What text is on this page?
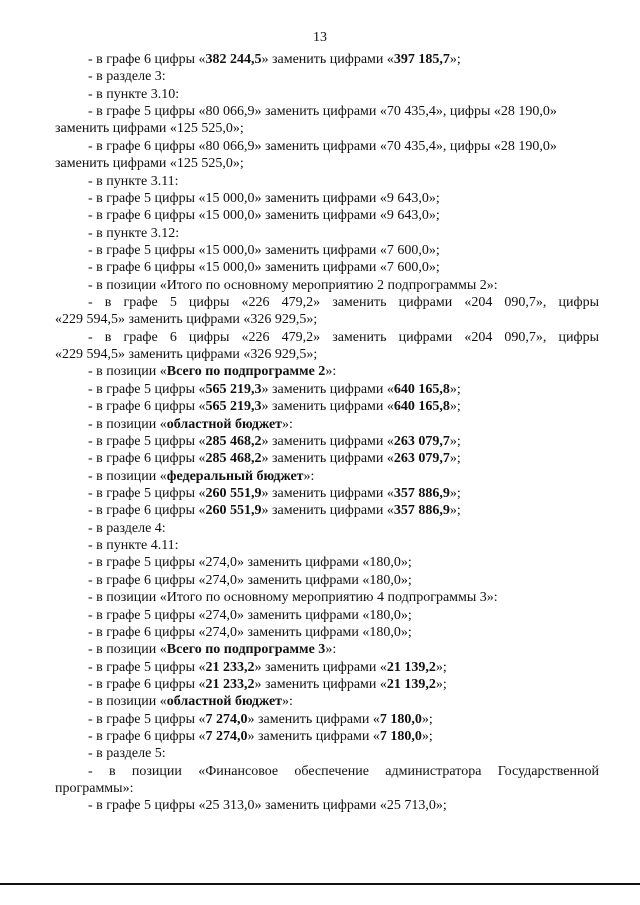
13
- в графе 6 цифры «382 244,5» заменить цифрами «397 185,7»;
- в разделе 3:
- в пункте 3.10:
- в графе 5 цифры «80 066,9» заменить цифрами «70 435,4», цифры «28 190,0»
заменить цифрами «125 525,0»;
- в графе 6 цифры «80 066,9» заменить цифрами «70 435,4», цифры «28 190,0»
заменить цифрами «125 525,0»;
- в пункте 3.11:
- в графе 5 цифры «15 000,0» заменить цифрами «9 643,0»;
- в графе 6 цифры «15 000,0» заменить цифрами «9 643,0»;
- в пункте 3.12:
- в графе 5 цифры «15 000,0» заменить цифрами «7 600,0»;
- в графе 6 цифры «15 000,0» заменить цифрами «7 600,0»;
- в позиции «Итого по основному мероприятию 2 подпрограммы 2»:
- в графе 5 цифры «226 479,2» заменить цифрами «204 090,7», цифры
«229 594,5» заменить цифрами «326 929,5»;
- в графе 6 цифры «226 479,2» заменить цифрами «204 090,7», цифры
«229 594,5» заменить цифрами «326 929,5»;
- в позиции «Всего по подпрограмме 2»:
- в графе 5 цифры «565 219,3» заменить цифрами «640 165,8»;
- в графе 6 цифры «565 219,3» заменить цифрами «640 165,8»;
- в позиции «областной бюджет»:
- в графе 5 цифры «285 468,2» заменить цифрами «263 079,7»;
- в графе 6 цифры «285 468,2» заменить цифрами «263 079,7»;
- в позиции «федеральный бюджет»:
- в графе 5 цифры «260 551,9» заменить цифрами «357 886,9»;
- в графе 6 цифры «260 551,9» заменить цифрами «357 886,9»;
- в разделе 4:
- в пункте 4.11:
- в графе 5 цифры «274,0» заменить цифрами «180,0»;
- в графе 6 цифры «274,0» заменить цифрами «180,0»;
- в позиции «Итого по основному мероприятию 4 подпрограммы 3»:
- в графе 5 цифры «274,0» заменить цифрами «180,0»;
- в графе 6 цифры «274,0» заменить цифрами «180,0»;
- в позиции «Всего по подпрограмме 3»:
- в графе 5 цифры «21 233,2» заменить цифрами «21 139,2»;
- в графе 6 цифры «21 233,2» заменить цифрами «21 139,2»;
- в позиции «областной бюджет»:
- в графе 5 цифры «7 274,0» заменить цифрами «7 180,0»;
- в графе 6 цифры «7 274,0» заменить цифрами «7 180,0»;
- в разделе 5:
- в позиции «Финансовое обеспечение администратора Государственной
программы»:
- в графе 5 цифры «25 313,0» заменить цифрами «25 713,0»;
